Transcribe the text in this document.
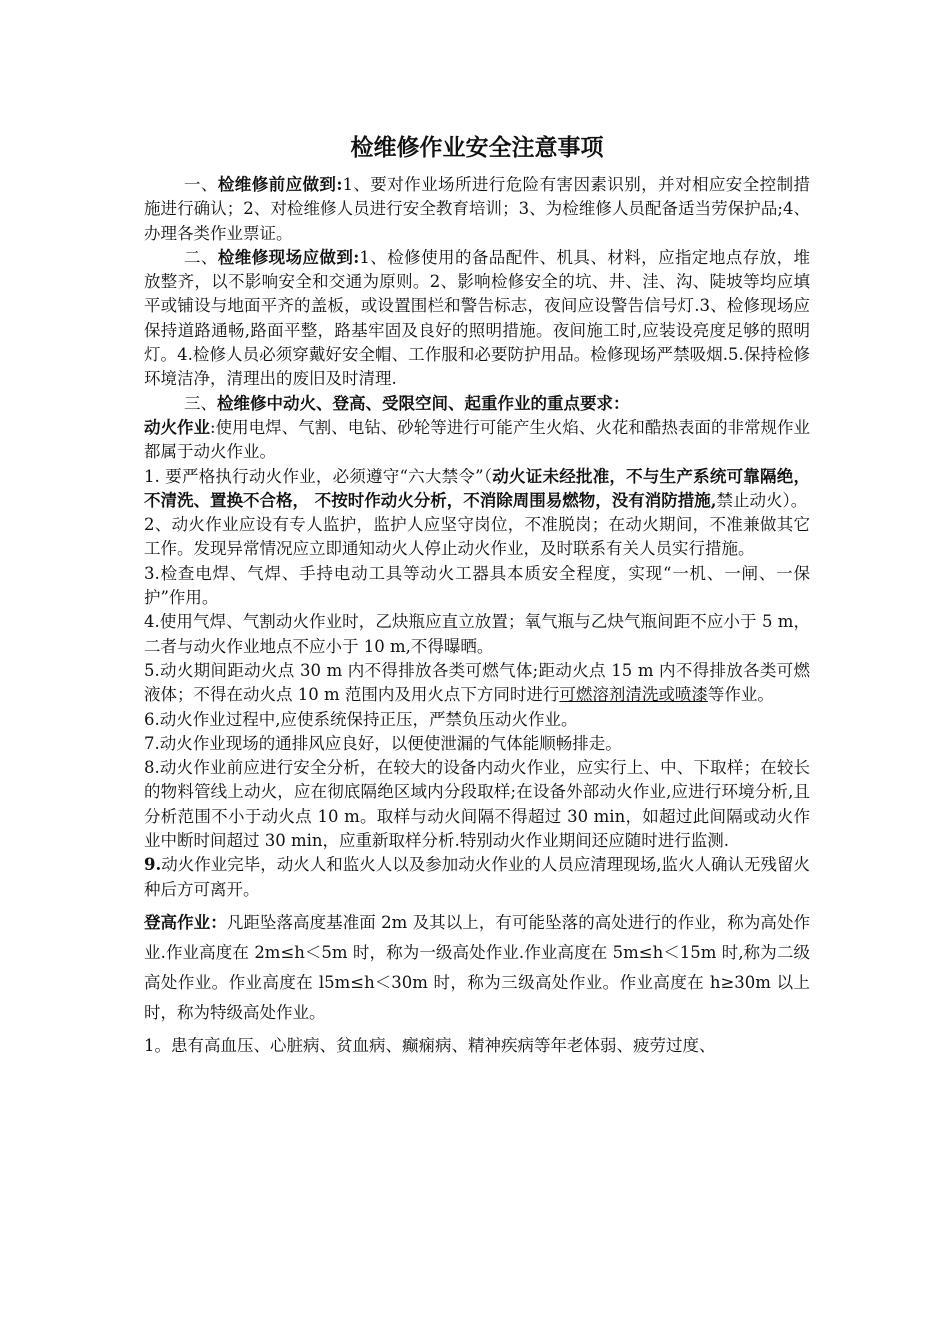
检维修作业安全注意事项

一、检维修前应做到:1、要对作业场所进行危险有害因素识别，并对相应安全控制措施进行确认；2、对检维修人员进行安全教育培训；3、为检维修人员配备适当劳保护品;4、办理各类作业票证。

二、检维修现场应做到:1、检修使用的备品配件、机具、材料，应指定地点存放，堆放整齐，以不影响安全和交通为原则。2、影响检修安全的坑、井、洼、沟、陡坡等均应填平或铺设与地面平齐的盖板，或设置围栏和警告标志，夜间应设警告信号灯.3、检修现场应保持道路通畅,路面平整，路基牢固及良好的照明措施。夜间施工时,应装设亮度足够的照明灯。4.检修人员必须穿戴好安全帽、工作服和必要防护用品。检修现场严禁吸烟.5.保持检修环境洁净，清理出的废旧及时清理.

三、检维修中动火、登高、受限空间、起重作业的重点要求：

动火作业:使用电焊、气割、电钻、砂轮等进行可能产生火焰、火花和酷热表面的非常规作业都属于动火作业。

1. 要严格执行动火作业，必须遵守“六大禁令”（动火证未经批准，不与生产系统可靠隔绝， 不清洗、置换不合格， 不按时作动火分析，不消除周围易燃物，没有消防措施,禁止动火）。

2、动火作业应设有专人监护，监护人应坚守岗位，不准脱岗；在动火期间，不准兼做其它工作。发现异常情况应立即通知动火人停止动火作业，及时联系有关人员实行措施。

3.检查电焊、气焊、手持电动工具等动火工器具本质安全程度，实现“一机、一闸、一保护”作用。

4.使用气焊、气割动火作业时，乙炔瓶应直立放置；氧气瓶与乙炔气瓶间距不应小于 5 m，二者与动火作业地点不应小于 10 m,不得曝晒。

5.动火期间距动火点 30 m 内不得排放各类可燃气体;距动火点 15 m 内不得排放各类可燃液体；不得在动火点 10 m 范围内及用火点下方同时进行可燃溶剂清洗或喷漆等作业。

6.动火作业过程中,应使系统保持正压，严禁负压动火作业。

7.动火作业现场的通排风应良好，以便使泄漏的气体能顺畅排走。

8.动火作业前应进行安全分析，在较大的设备内动火作业，应实行上、中、下取样；在较长的物料管线上动火，应在彻底隔绝区域内分段取样;在设备外部动火作业,应进行环境分析,且分析范围不小于动火点 10 m。取样与动火间隔不得超过 30 min，如超过此间隔或动火作业中断时间超过 30 min，应重新取样分析.特别动火作业期间还应随时进行监测.

9.动火作业完毕，动火人和监火人以及参加动火作业的人员应清理现场,监火人确认无残留火种后方可离开。

登高作业：凡距坠落高度基准面 2m 及其以上，有可能坠落的高处进行的作业，称为高处作业.作业高度在 2m≤h＜5m 时，称为一级高处作业.作业高度在 5m≤h＜15m 时,称为二级高处作业。作业高度在 l5m≤h＜30m 时，称为三级高处作业。作业高度在 h≥30m 以上时，称为特级高处作业。

1。患有高血压、心脏病、贫血病、癫痫病、精神疾病等年老体弱、疲劳过度、
